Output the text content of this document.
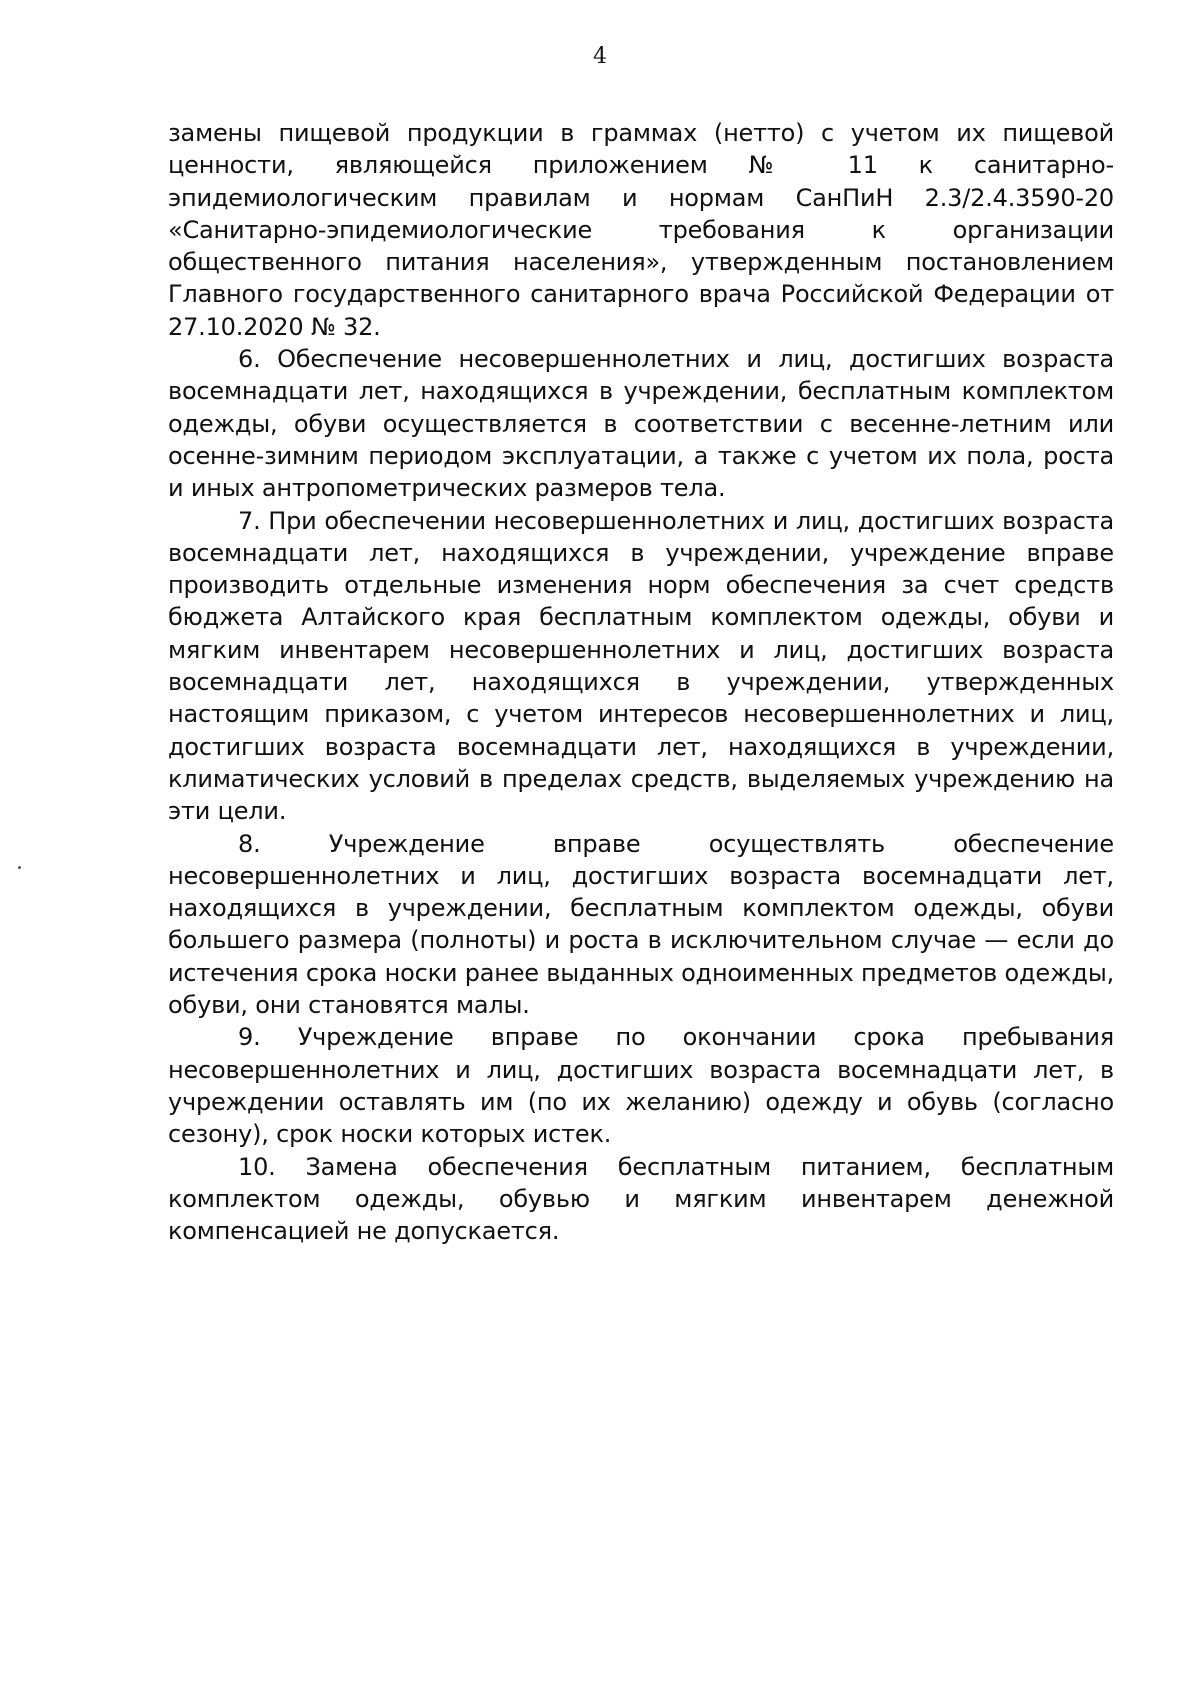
4

замены пищевой продукции в граммах (нетто) с учетом их пищевой ценности, являющейся приложением № 11 к санитарно-эпидемиологическим правилам и нормам СанПиН 2.3/2.4.3590-20 «Санитарно-эпидемиологические требования к организации общественного питания населения», утвержденным постановлением Главного государственного санитарного врача Российской Федерации от 27.10.2020 № 32.

6. Обеспечение несовершеннолетних и лиц, достигших возраста восемнадцати лет, находящихся в учреждении, бесплатным комплектом одежды, обуви осуществляется в соответствии с весенне-летним или осенне-зимним периодом эксплуатации, а также с учетом их пола, роста и иных антропометрических размеров тела.

7. При обеспечении несовершеннолетних и лиц, достигших возраста восемнадцати лет, находящихся в учреждении, учреждение вправе производить отдельные изменения норм обеспечения за счет средств бюджета Алтайского края бесплатным комплектом одежды, обуви и мягким инвентарем несовершеннолетних и лиц, достигших возраста восемнадцати лет, находящихся в учреждении, утвержденных настоящим приказом, с учетом интересов несовершеннолетних и лиц, достигших возраста восемнадцати лет, находящихся в учреждении, климатических условий в пределах средств, выделяемых учреждению на эти цели.

8. Учреждение вправе осуществлять обеспечение несовершеннолетних и лиц, достигших возраста восемнадцати лет, находящихся в учреждении, бесплатным комплектом одежды, обуви большего размера (полноты) и роста в исключительном случае — если до истечения срока носки ранее выданных одноименных предметов одежды, обуви, они становятся малы.

9. Учреждение вправе по окончании срока пребывания несовершеннолетних и лиц, достигших возраста восемнадцати лет, в учреждении оставлять им (по их желанию) одежду и обувь (согласно сезону), срок носки которых истек.

10. Замена обеспечения бесплатным питанием, бесплатным комплектом одежды, обувью и мягким инвентарем денежной компенсацией не допускается.
